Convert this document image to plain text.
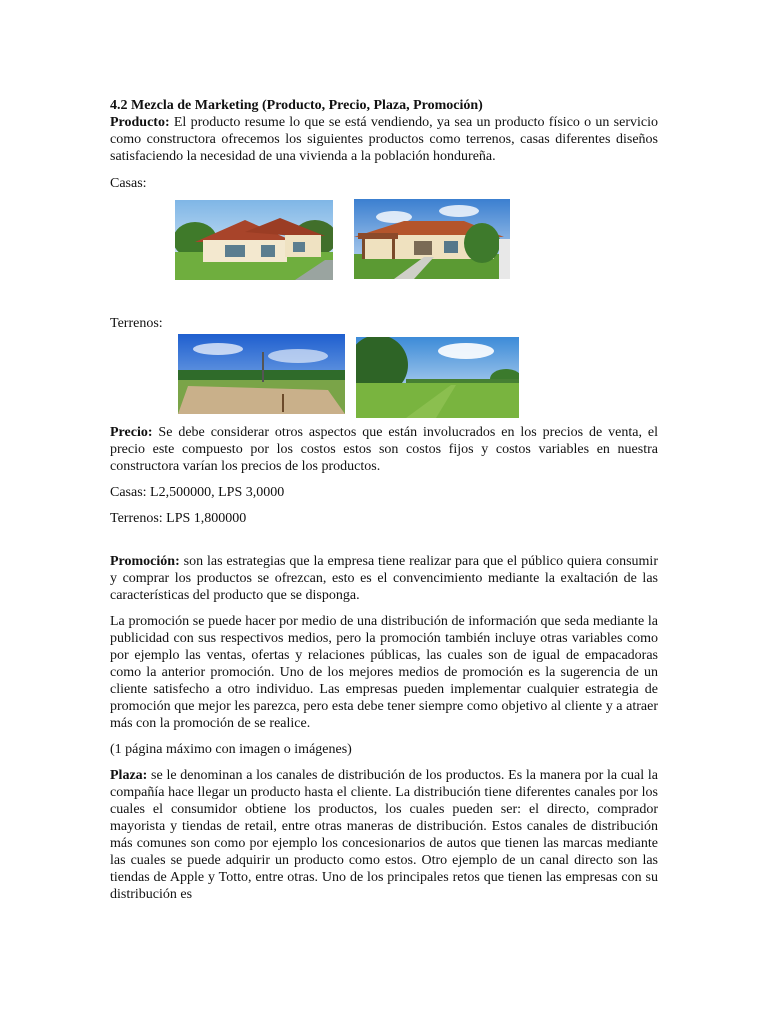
4.2 Mezcla de Marketing (Producto, Precio, Plaza, Promoción)

Producto: El producto resume lo que se está vendiendo, ya sea un producto físico o un servicio como constructora ofrecemos los siguientes productos como terrenos, casas diferentes diseños satisfaciendo la necesidad de una vivienda a la población hondureña.

Casas:
Terrenos:

Precio: Se debe considerar otros aspectos que están involucrados en los precios de venta, el precio este compuesto por los costos estos son costos fijos y costos variables en nuestra constructora varían los precios de los productos.

Casas: L2,500000, LPS 3,0000

Terrenos: LPS 1,800000

Promoción: son las estrategias que la empresa tiene realizar para que el público quiera consumir y comprar los productos se ofrezcan, esto es el convencimiento mediante la exaltación de las características del producto que se disponga.

La promoción se puede hacer por medio de una distribución de información que seda mediante la publicidad con sus respectivos medios, pero la promoción también incluye otras variables como por ejemplo las ventas, ofertas y relaciones públicas, las cuales son de igual de empacadoras como la anterior promoción. Uno de los mejores medios de promoción es la sugerencia de un cliente satisfecho a otro individuo. Las empresas pueden implementar cualquier estrategia de promoción que mejor les parezca, pero esta debe tener siempre como objetivo al cliente y a atraer más con la promoción de se realice.

(1 página máximo con imagen o imágenes)

Plaza: se le denominan a los canales de distribución de los productos. Es la manera por la cual la compañía hace llegar un producto hasta el cliente. La distribución tiene diferentes canales por los cuales el consumidor obtiene los productos, los cuales pueden ser: el directo, comprador mayorista y tiendas de retail, entre otras maneras de distribución. Estos canales de distribución más comunes son como por ejemplo los concesionarios de autos que tienen las marcas mediante las cuales se puede adquirir un producto como estos. Otro ejemplo de un canal directo son las tiendas de Apple y Totto, entre otras. Uno de los principales retos que tienen las empresas con su distribución es
